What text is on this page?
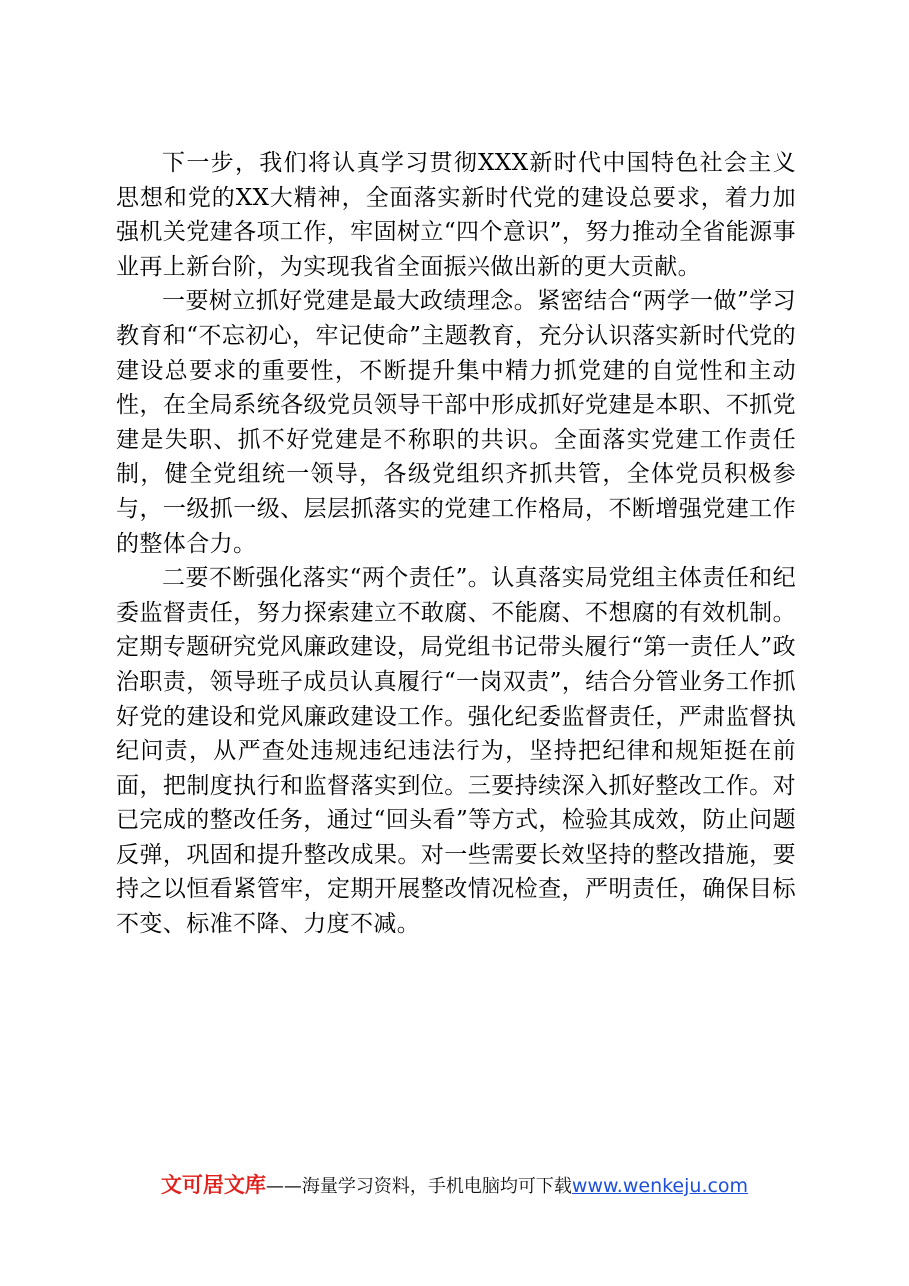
下一步，我们将认真学习贯彻XXX新时代中国特色社会主义思想和党的XX大精神，全面落实新时代党的建设总要求，着力加强机关党建各项工作，牢固树立“四个意识”，努力推动全省能源事业再上新台阶，为实现我省全面振兴做出新的更大贡献。

一要树立抓好党建是最大政绩理念。紧密结合“两学一做”学习教育和“不忘初心，牢记使命”主题教育，充分认识落实新时代党的建设总要求的重要性，不断提升集中精力抓党建的自觉性和主动性，在全局系统各级党员领导干部中形成抓好党建是本职、不抓党建是失职、抓不好党建是不称职的共识。全面落实党建工作责任制，健全党组统一领导，各级党组织齐抓共管，全体党员积极参与，一级抓一级、层层抓落实的党建工作格局，不断增强党建工作的整体合力。

二要不断强化落实“两个责任”。认真落实局党组主体责任和纪委监督责任，努力探索建立不敢腐、不能腐、不想腐的有效机制。定期专题研究党风廉政建设，局党组书记带头履行“第一责任人”政治职责，领导班子成员认真履行“一岗双责”，结合分管业务工作抓好党的建设和党风廉政建设工作。强化纪委监督责任，严肃监督执纪问责，从严查处违规违纪违法行为，坚持把纪律和规矩挺在前面，把制度执行和监督落实到位。三要持续深入抓好整改工作。对已完成的整改任务，通过“回头看”等方式，检验其成效，防止问题反弹，巩固和提升整改成果。对一些需要长效坚持的整改措施，要持之以恒看紧管牢，定期开展整改情况检查，严明责任，确保目标不变、标准不降、力度不减。

文可居文库——海量学习资料，手机电脑均可下载www.wenkeju.com
